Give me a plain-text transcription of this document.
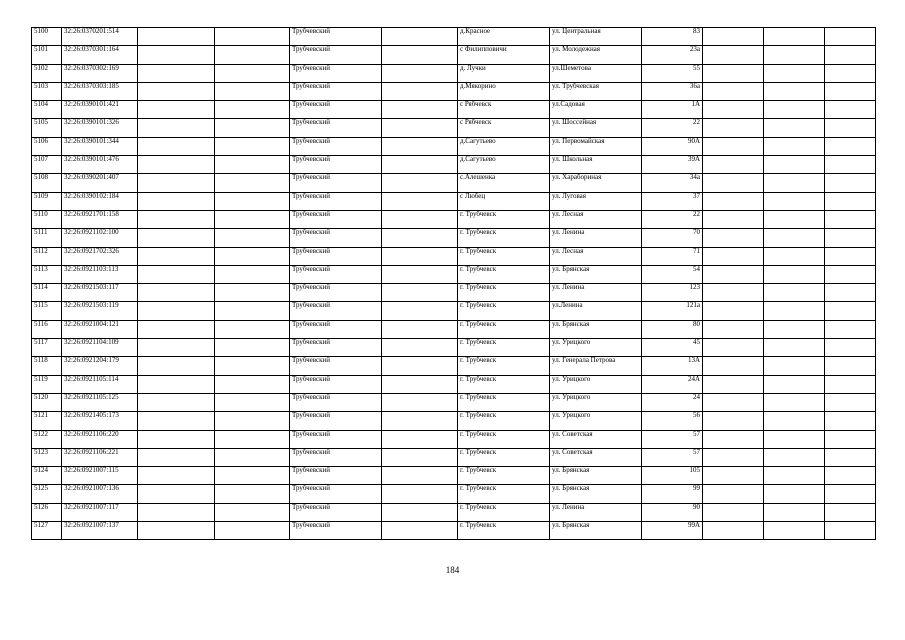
5100	32:26:0370201:514			Трубчевский		д.Красное	ул. Центральная	83			
5101	32:26:0370301:164			Трубчевский		с Филипповичи	ул. Молодежная	23а			
5102	32:26:0370302:169			Трубчевский		д. Лучки	ул.Шеметова	55			
5103	32:26:0370303:185			Трубчевский		д.Мякорино	ул. Трубчевская	36а			
5104	32:26:0390101:421			Трубчевский		с Рябчевск	ул.Садовая	1А			
5105	32:26:0390101:326			Трубчевский		с Рябчевск	ул. Шоссейная	22			
5106	32:26:0390101:344			Трубчевский		д.Сагутьево	ул. Первомайская	90А			
5107	32:26:0390101:476			Трубчевский		д.Сагутьево	ул. Школьная	39А			
5108	32:26:0390201:407			Трубчевский		с.Алешенка	ул. Харабориная	34а			
5109	32:26:0390102:184			Трубчевский		с Любец	ул. Луговая	37			
5110	32:26:0921701:158			Трубчевский		г. Трубчевск	ул. Лесная	22			
5111	32:26:0921102:100			Трубчевский		г. Трубчевск	ул. Ленина	70			
5112	32:26:0921702:326			Трубчевский		г. Трубчевск	ул. Лесная	71			
5113	32:26:0921103:113			Трубчевский		г. Трубчевск	ул. Брянская	54			
5114	32:26:0921503:117			Трубчевский		г. Трубчевск	ул. Ленина	123			
5115	32:26:0921503:119			Трубчевский		г. Трубчевск	ул.Ленина	121а			
5116	32:26:0921004:121			Трубчевский		г. Трубчевск	ул. Брянская	80			
5117	32:26:0921104:109			Трубчевский		г. Трубчевск	ул. Урицкого	45			
5118	32:26:0921204:179			Трубчевский		г. Трубчевск	ул. Генерала Петрова	13А			
5119	32:26:0921105:114			Трубчевский		г. Трубчевск	ул. Урицкого	24А			
5120	32:26:0921105:125			Трубчевский		г. Трубчевск	ул. Урицкого	24			
5121	32:26:0921405:173			Трубчевский		г. Трубчевск	ул. Урицкого	56			
5122	32:26:0921106:220			Трубчевский		г. Трубчевск	ул. Советская	57			
5123	32:26:0921106:221			Трубчевский		г. Трубчевск	ул. Советская	57			
5124	32:26:0921007:115			Трубчевский		г. Трубчевск	ул. Брянская	105			
5125	32:26:0921007:136			Трубчевский		г. Трубчевск	ул. Брянская	99			
5126	32:26:0921007:117			Трубчевский		г. Трубчевск	ул. Ленина	90			
5127	32:26:0921007:137			Трубчевский		г. Трубчевск	ул. Брянская	99А			
184
